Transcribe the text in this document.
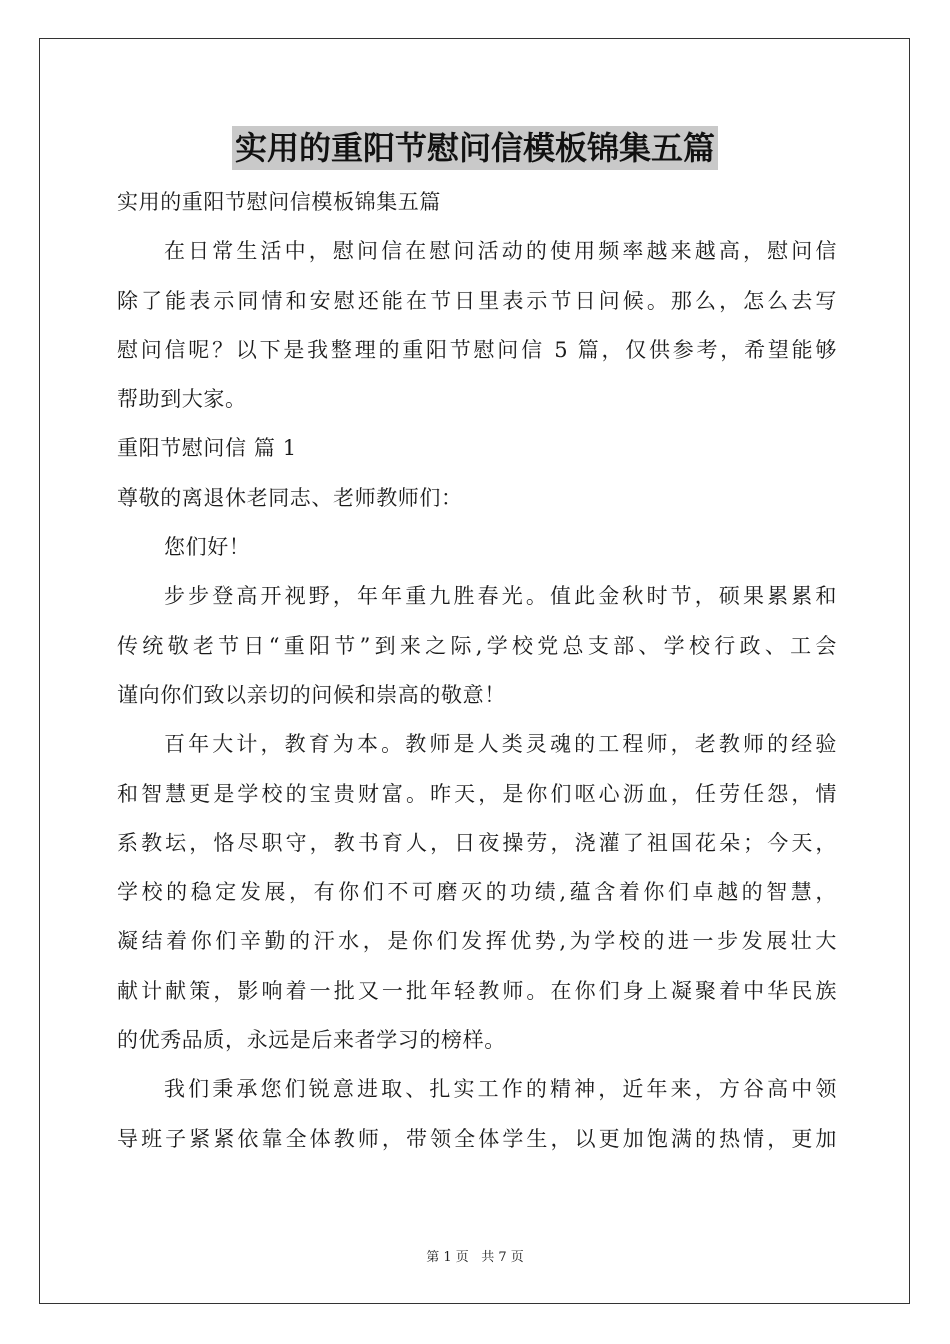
实用的重阳节慰问信模板锦集五篇
实用的重阳节慰问信模板锦集五篇
在日常生活中，慰问信在慰问活动的使用频率越来越高，慰问信
除了能表示同情和安慰还能在节日里表示节日问候。那么，怎么去写
慰问信呢？以下是我整理的重阳节慰问信 5 篇，仅供参考，希望能够
帮助到大家。
重阳节慰问信 篇 1
尊敬的离退休老同志、老师教师们：
您们好！
步步登高开视野，年年重九胜春光。值此金秋时节，硕果累累和
传统敬老节日“重阳节”到来之际,学校党总支部、学校行政、工会
谨向你们致以亲切的问候和崇高的敬意！
百年大计，教育为本。教师是人类灵魂的工程师，老教师的经验
和智慧更是学校的宝贵财富。昨天，是你们呕心沥血，任劳任怨，情
系教坛，恪尽职守，教书育人，日夜操劳，浇灌了祖国花朵；今天，
学校的稳定发展，有你们不可磨灭的功绩,蕴含着你们卓越的智慧，
凝结着你们辛勤的汗水，是你们发挥优势,为学校的进一步发展壮大
献计献策，影响着一批又一批年轻教师。在你们身上凝聚着中华民族
的优秀品质，永远是后来者学习的榜样。
我们秉承您们锐意进取、扎实工作的精神，近年来，方谷高中领
导班子紧紧依靠全体教师，带领全体学生，以更加饱满的热情，更加
第 1 页 共 7 页
